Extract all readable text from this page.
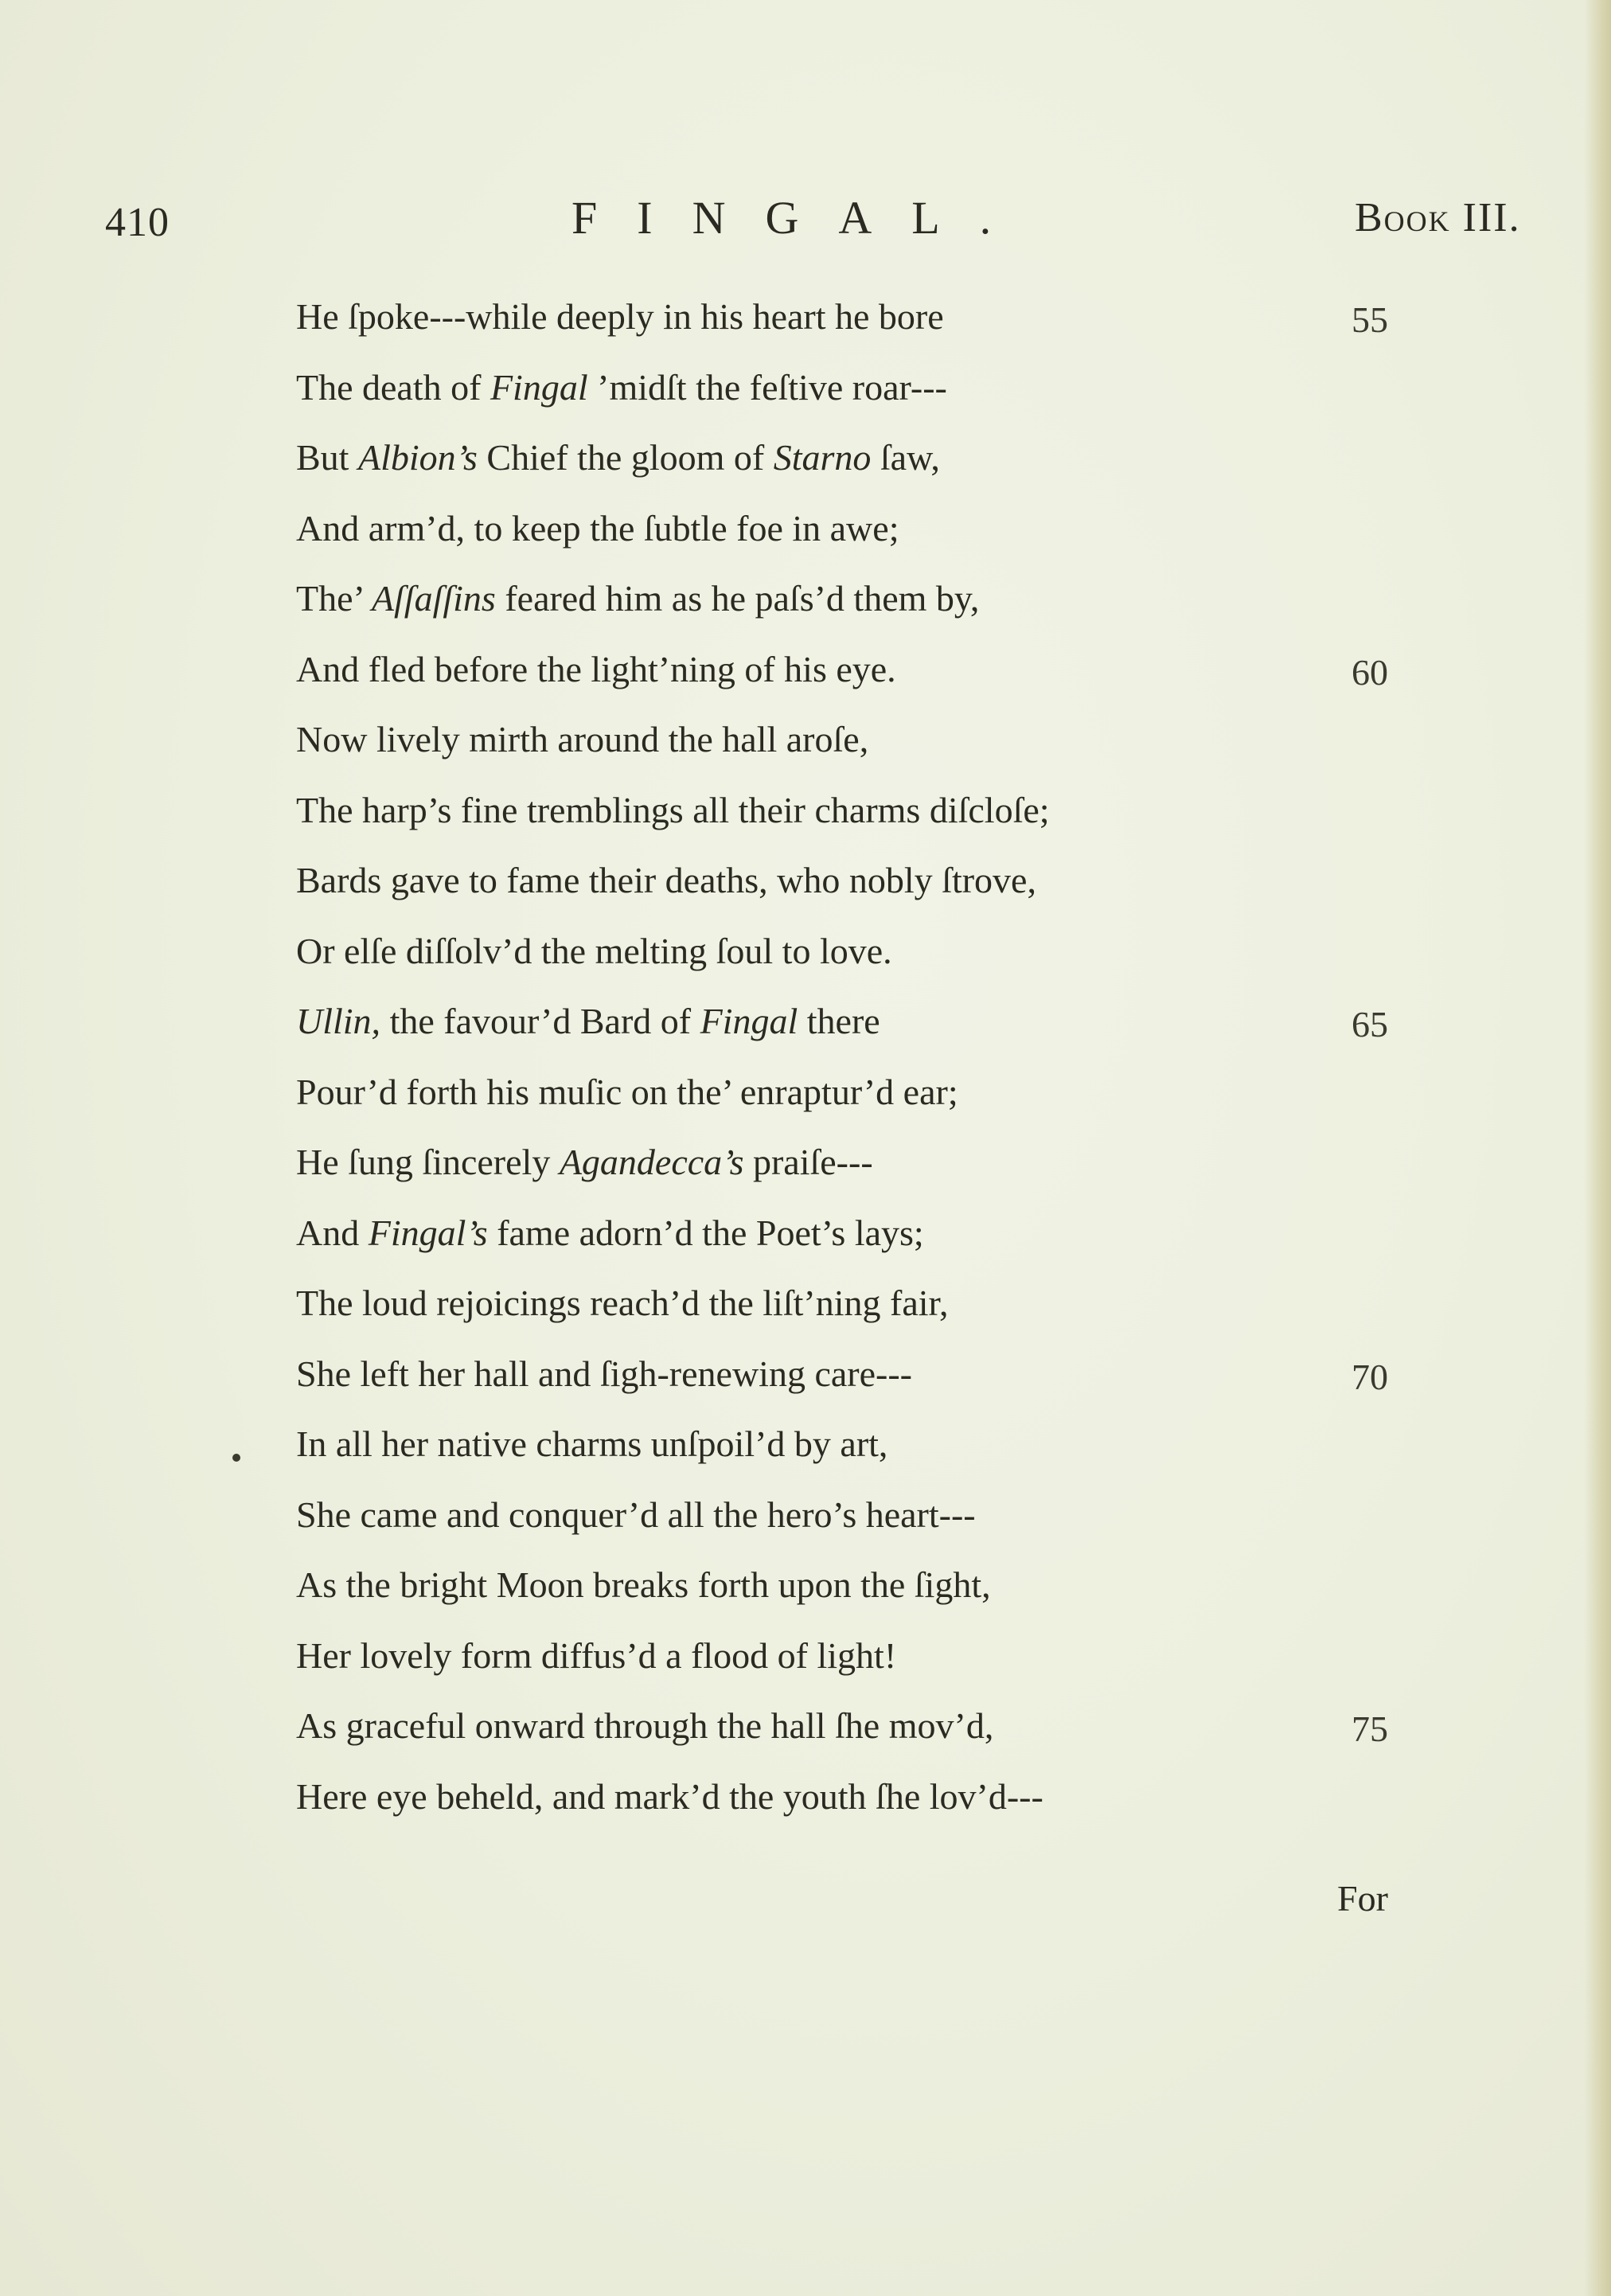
410	FINGAL.	Book III.
He ſpoke---while deeply in his heart he bore	55
The death of Fingal ’midſt the feſtive roar---
But Albion’s Chief the gloom of Starno ſaw,
And arm’d, to keep the ſubtle foe in awe;
The’ Aſſaſſins feared him as he paſs’d them by,
And fled before the light’ning of his eye.	60
Now lively mirth around the hall aroſe,
The harp’s fine tremblings all their charms diſcloſe;
Bards gave to fame their deaths, who nobly ſtrove,
Or elſe diſſolv’d the melting ſoul to love.
Ullin, the favour’d Bard of Fingal there	65
Pour’d forth his muſic on the’ enraptur’d ear;
He ſung ſincerely Agandecca’s praiſe---
And Fingal’s fame adorn’d the Poet’s lays;
The loud rejoicings reach’d the liſt’ning fair,
She left her hall and ſigh-renewing care---	70
In all her native charms unſpoil’d by art,
She came and conquer’d all the hero’s heart---
As the bright Moon breaks forth upon the ſight,
Her lovely form diffus’d a flood of light!
As graceful onward through the hall ſhe mov’d,	75
Here eye beheld, and mark’d the youth ſhe lov’d---
For
